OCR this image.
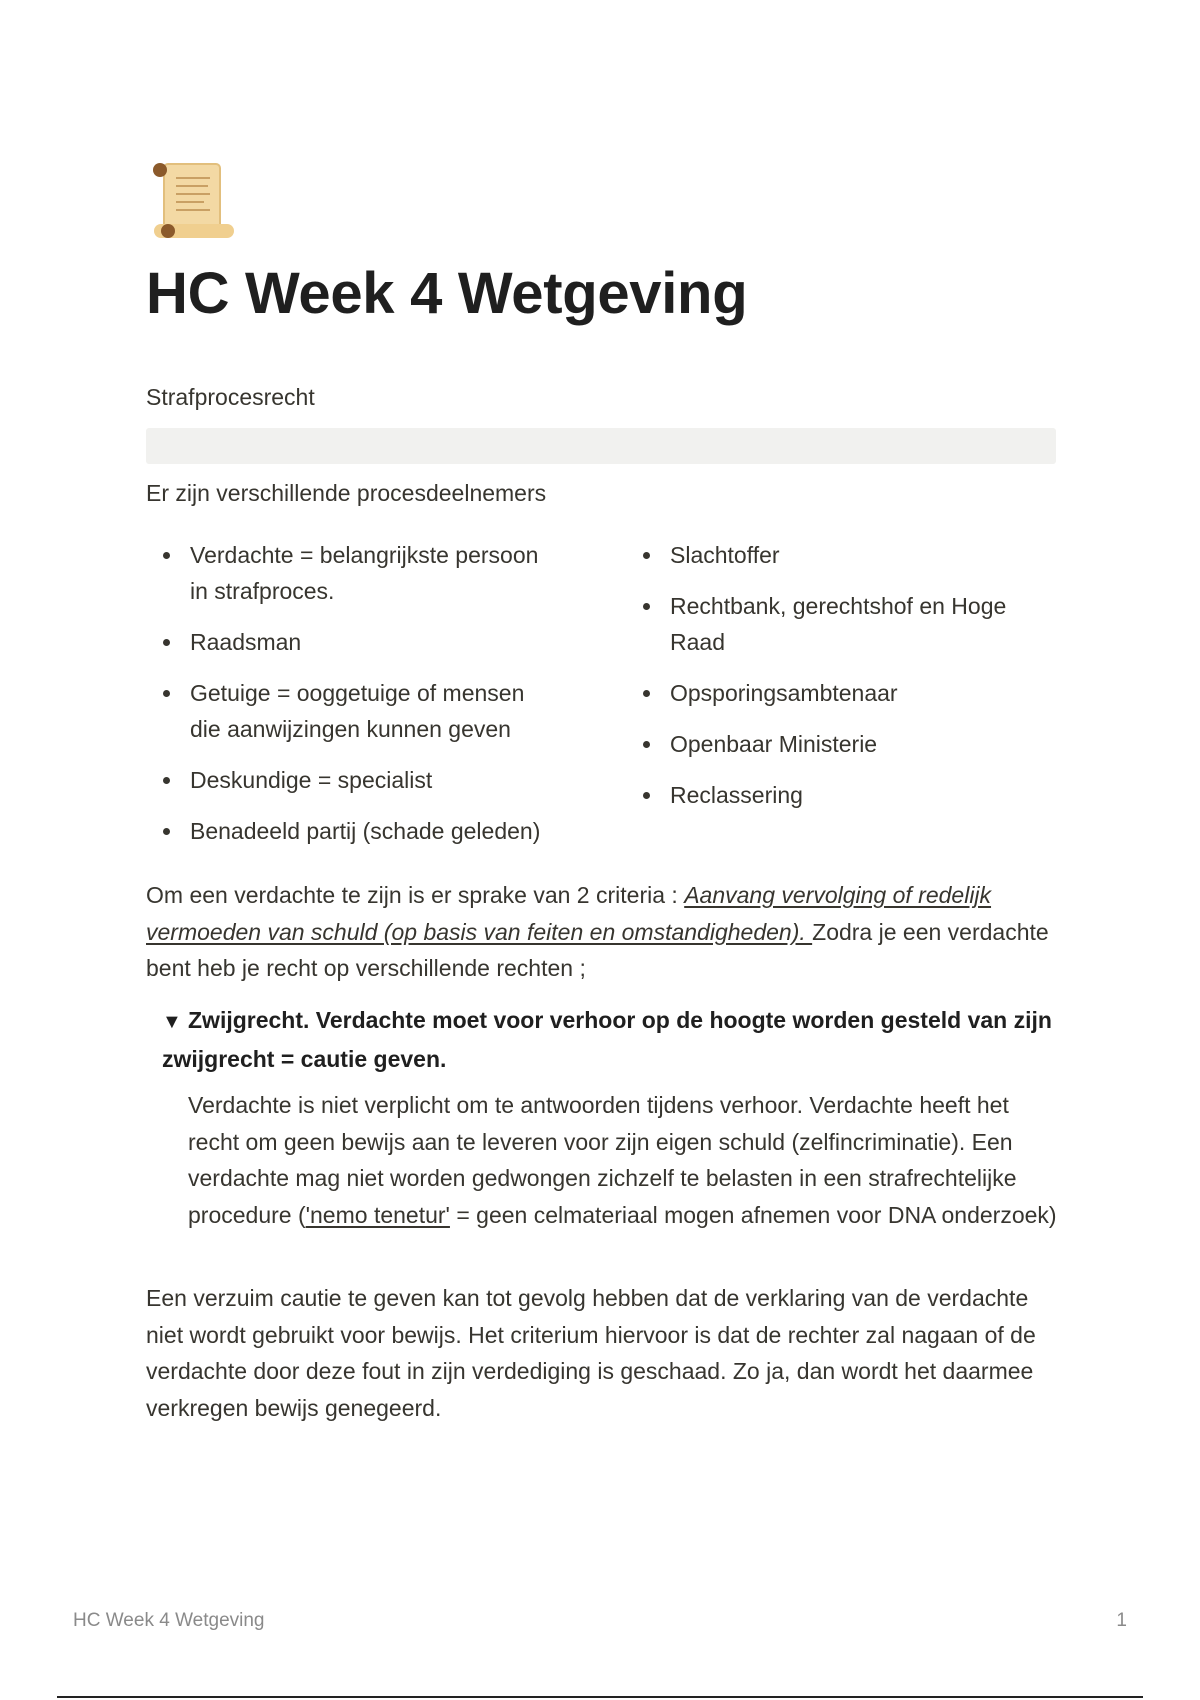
HC Week 4 Wetgeving
Strafprocesrecht
Er zijn verschillende procesdeelnemers
Verdachte = belangrijkste persoon in strafproces.
Raadsman
Getuige = ooggetuige of mensen die aanwijzingen kunnen geven
Deskundige = specialist
Benadeeld partij (schade geleden)
Slachtoffer
Rechtbank, gerechtshof en Hoge Raad
Opsporingsambtenaar
Openbaar Ministerie
Reclassering

Om een verdachte te zijn is er sprake van 2 criteria : Aanvang vervolging of redelijk vermoeden van schuld (op basis van feiten en omstandigheden). Zodra je een verdachte bent heb je recht op verschillende rechten ;

▼ Zwijgrecht. Verdachte moet voor verhoor op de hoogte worden gesteld van zijn zwijgrecht = cautie geven.

Verdachte is niet verplicht om te antwoorden tijdens verhoor. Verdachte heeft het recht om geen bewijs aan te leveren voor zijn eigen schuld (zelfincriminatie). Een verdachte mag niet worden gedwongen zichzelf te belasten in een strafrechtelijke procedure ('nemo tenetur' = geen celmateriaal mogen afnemen voor DNA onderzoek)

Een verzuim cautie te geven kan tot gevolg hebben dat de verklaring van de verdachte niet wordt gebruikt voor bewijs. Het criterium hiervoor is dat de rechter zal nagaan of de verdachte door deze fout in zijn verdediging is geschaad. Zo ja, dan wordt het daarmee verkregen bewijs genegeerd.

HC Week 4 Wetgeving	1
